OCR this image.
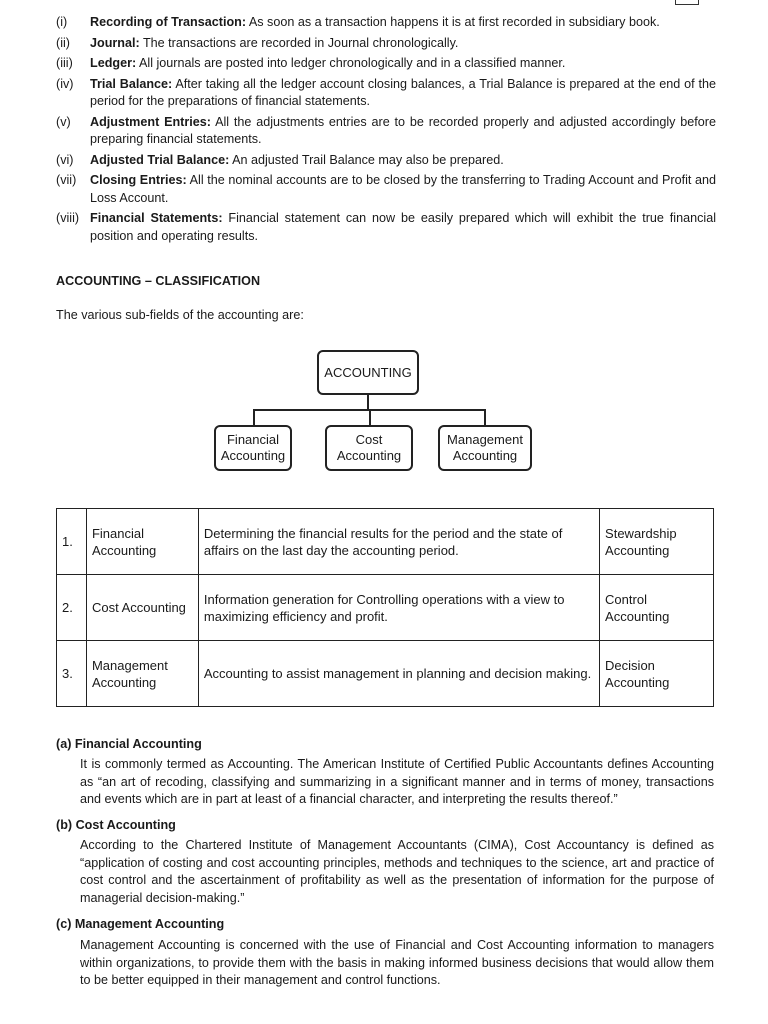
(i)	Recording of Transaction: As soon as a transaction happens it is at first recorded in subsidiary book.
(ii)	Journal: The transactions are recorded in Journal chronologically.
(iii)	Ledger: All journals are posted into ledger chronologically and in a classified manner.
(iv)	Trial Balance: After taking all the ledger account closing balances, a Trial Balance is prepared at the end of the period for the preparations of financial statements.
(v)	Adjustment Entries: All the adjustments entries are to be recorded properly and adjusted accordingly before preparing financial statements.
(vi)	Adjusted Trial Balance: An adjusted Trail Balance may also be prepared.
(vii)	Closing Entries: All the nominal accounts are to be closed by the transferring to Trading Account and Profit and Loss Account.
(viii) Financial Statements: Financial statement can now be easily prepared which will exhibit the true financial position and operating results.
ACCOUNTING – CLASSIFICATION
The various sub-fields of the accounting are:
ACCOUNTING
Financial Accounting
Cost Accounting
Management Accounting
1.	Financial Accounting	Determining the financial results for the period and the state of affairs on the last day the accounting period.	Stewardship Accounting
2.	Cost Accounting	Information generation for Controlling operations with a view to maximizing efficiency and profit.	Control Accounting
3.	Management Accounting	Accounting to assist management in planning and decision making.	Decision Accounting
(a) Financial Accounting
It is commonly termed as Accounting. The American Institute of Certified Public Accountants defines Accounting as “an art of recoding, classifying and summarizing in a significant manner and in terms of money, transactions and events which are in part at least of a financial character, and interpreting the results thereof.”
(b) Cost Accounting
According to the Chartered Institute of Management Accountants (CIMA), Cost Accountancy is defined as “application of costing and cost accounting principles, methods and techniques to the science, art and practice of cost control and the ascertainment of profitability as well as the presentation of information for the purpose of managerial decision-making.”
(c) Management Accounting
Management Accounting is concerned with the use of Financial and Cost Accounting information to managers within organizations, to provide them with the basis in making informed business decisions that would allow them to be better equipped in their management and control functions.
